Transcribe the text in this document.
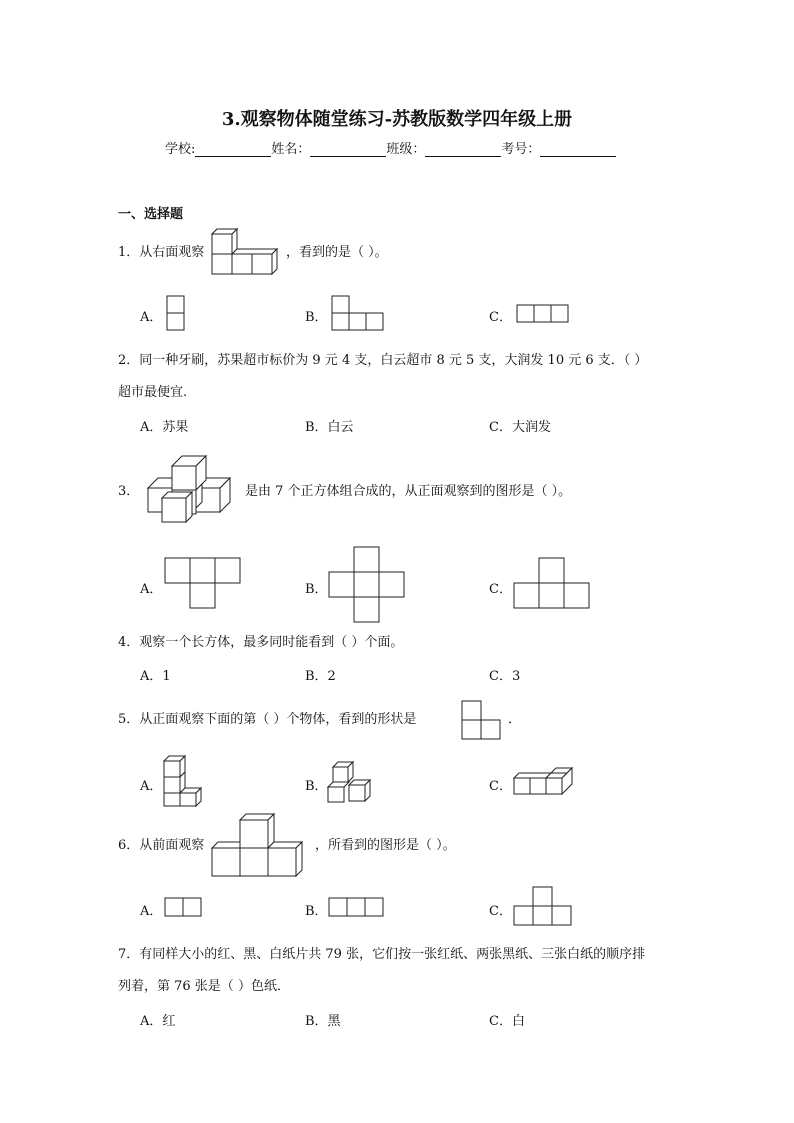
3.观察物体随堂练习-苏教版数学四年级上册
学校:	姓名：	班级：	考号：
一、选择题
1．从右面观察	，看到的是（ ）。
A．	B．	C．
2．同一种牙刷，苏果超市标价为 9 元 4 支，白云超市 8 元 5 支，大润发 10 元 6 支．（ ）
超市最便宜.
A．苏果	B．白云	C．大润发
3．	是由 7 个正方体组合成的，从正面观察到的图形是（ ）。
A．	B．	C．
4．观察一个长方体，最多同时能看到（ ）个面。
A．1	B．2	C．3
5．从正面观察下面的第（ ）个物体，看到的形状是	．
A．	B．	C．
6．从前面观察	，所看到的图形是（ ）。
A．	B．	C．
7．有同样大小的红、黑、白纸片共 79 张，它们按一张红纸、两张黑纸、三张白纸的顺序排
列着，第 76 张是（ ）色纸．
A．红	B．黑	C．白
